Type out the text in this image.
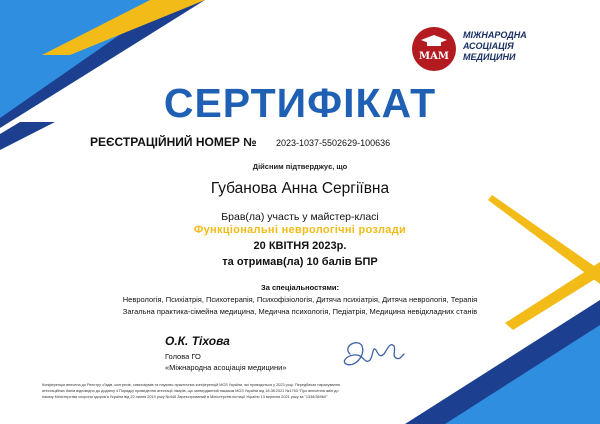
MAM
МІЖНАРОДНА
АСОЦІАЦІЯ
МЕДИЦИНИ
СЕРТИФІКАТ
РЕЄСТРАЦІЙНИЙ НОМЕР № 2023-1037-5502629-100636
Дійсним підтверджує, що
Губанова Анна Сергіївна
Брав(ла) участь у майстер-класі
Функціональні неврологічні розлади
20 КВІТНЯ 2023р.
та отримав(ла) 10 балів БПР
За спеціальностями:
Неврологія, Психіатрія, Психотерапія, Психофізіологія, Дитяча психіатрія, Дитяча неврологія, Терапія
Загальна практика-сімейна медицина, Медична психологія, Педіатрія, Медицина невідкладних станів
О.К. Тіхова
Голова ГО
«Міжнародна асоціація медицини»
Конференція внесена до Реєстру з'їздів, конгресів, симпозіумів та науково-практичних конференцій МОЗ України, які проводяться у 2023 році. Передбачає нарахування
атестаційних балів відповідно до додатку 4 Порядку проведення атестації лікарів, що затверджений наказом МОЗ України від 18.08.2021 №1753 "Про внесення змін до
наказу Міністерства охорони здоров'я України від 22 липня 2019 року №446 Зареєстрований в Міністерстві юстиції України 13 вересня 2021 року за "1338/36960"
